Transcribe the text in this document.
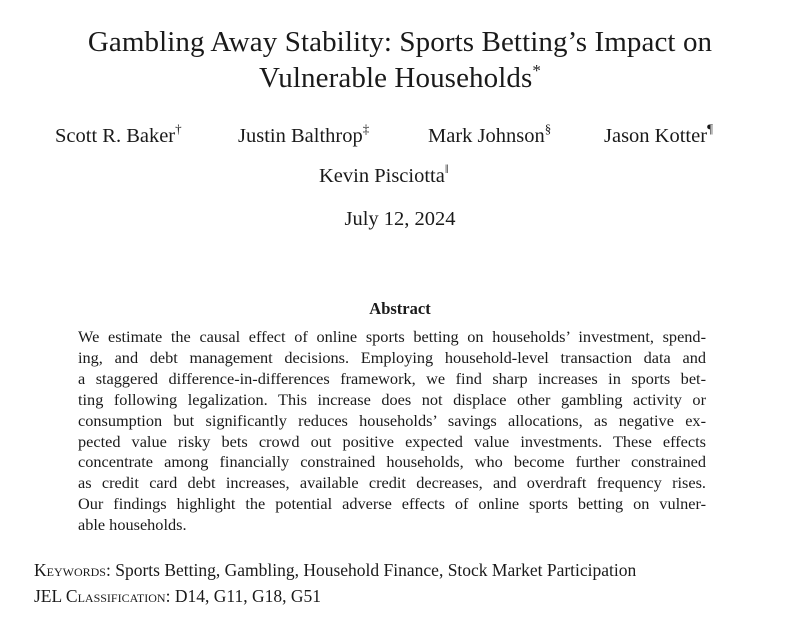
Gambling Away Stability: Sports Betting’s Impact on
Vulnerable Households*
Scott R. Baker†	Justin Balthrop‡	Mark Johnson§	Jason Kotter¶
Kevin Pisciotta‖
July 12, 2024
Abstract
We estimate the causal effect of online sports betting on households’ investment, spend-
ing, and debt management decisions. Employing household-level transaction data and
a staggered difference-in-differences framework, we find sharp increases in sports bet-
ting following legalization. This increase does not displace other gambling activity or
consumption but significantly reduces households’ savings allocations, as negative ex-
pected value risky bets crowd out positive expected value investments. These effects
concentrate among financially constrained households, who become further constrained
as credit card debt increases, available credit decreases, and overdraft frequency rises.
Our findings highlight the potential adverse effects of online sports betting on vulner-
able households.
Keywords: Sports Betting, Gambling, Household Finance, Stock Market Participation
JEL Classification: D14, G11, G18, G51
